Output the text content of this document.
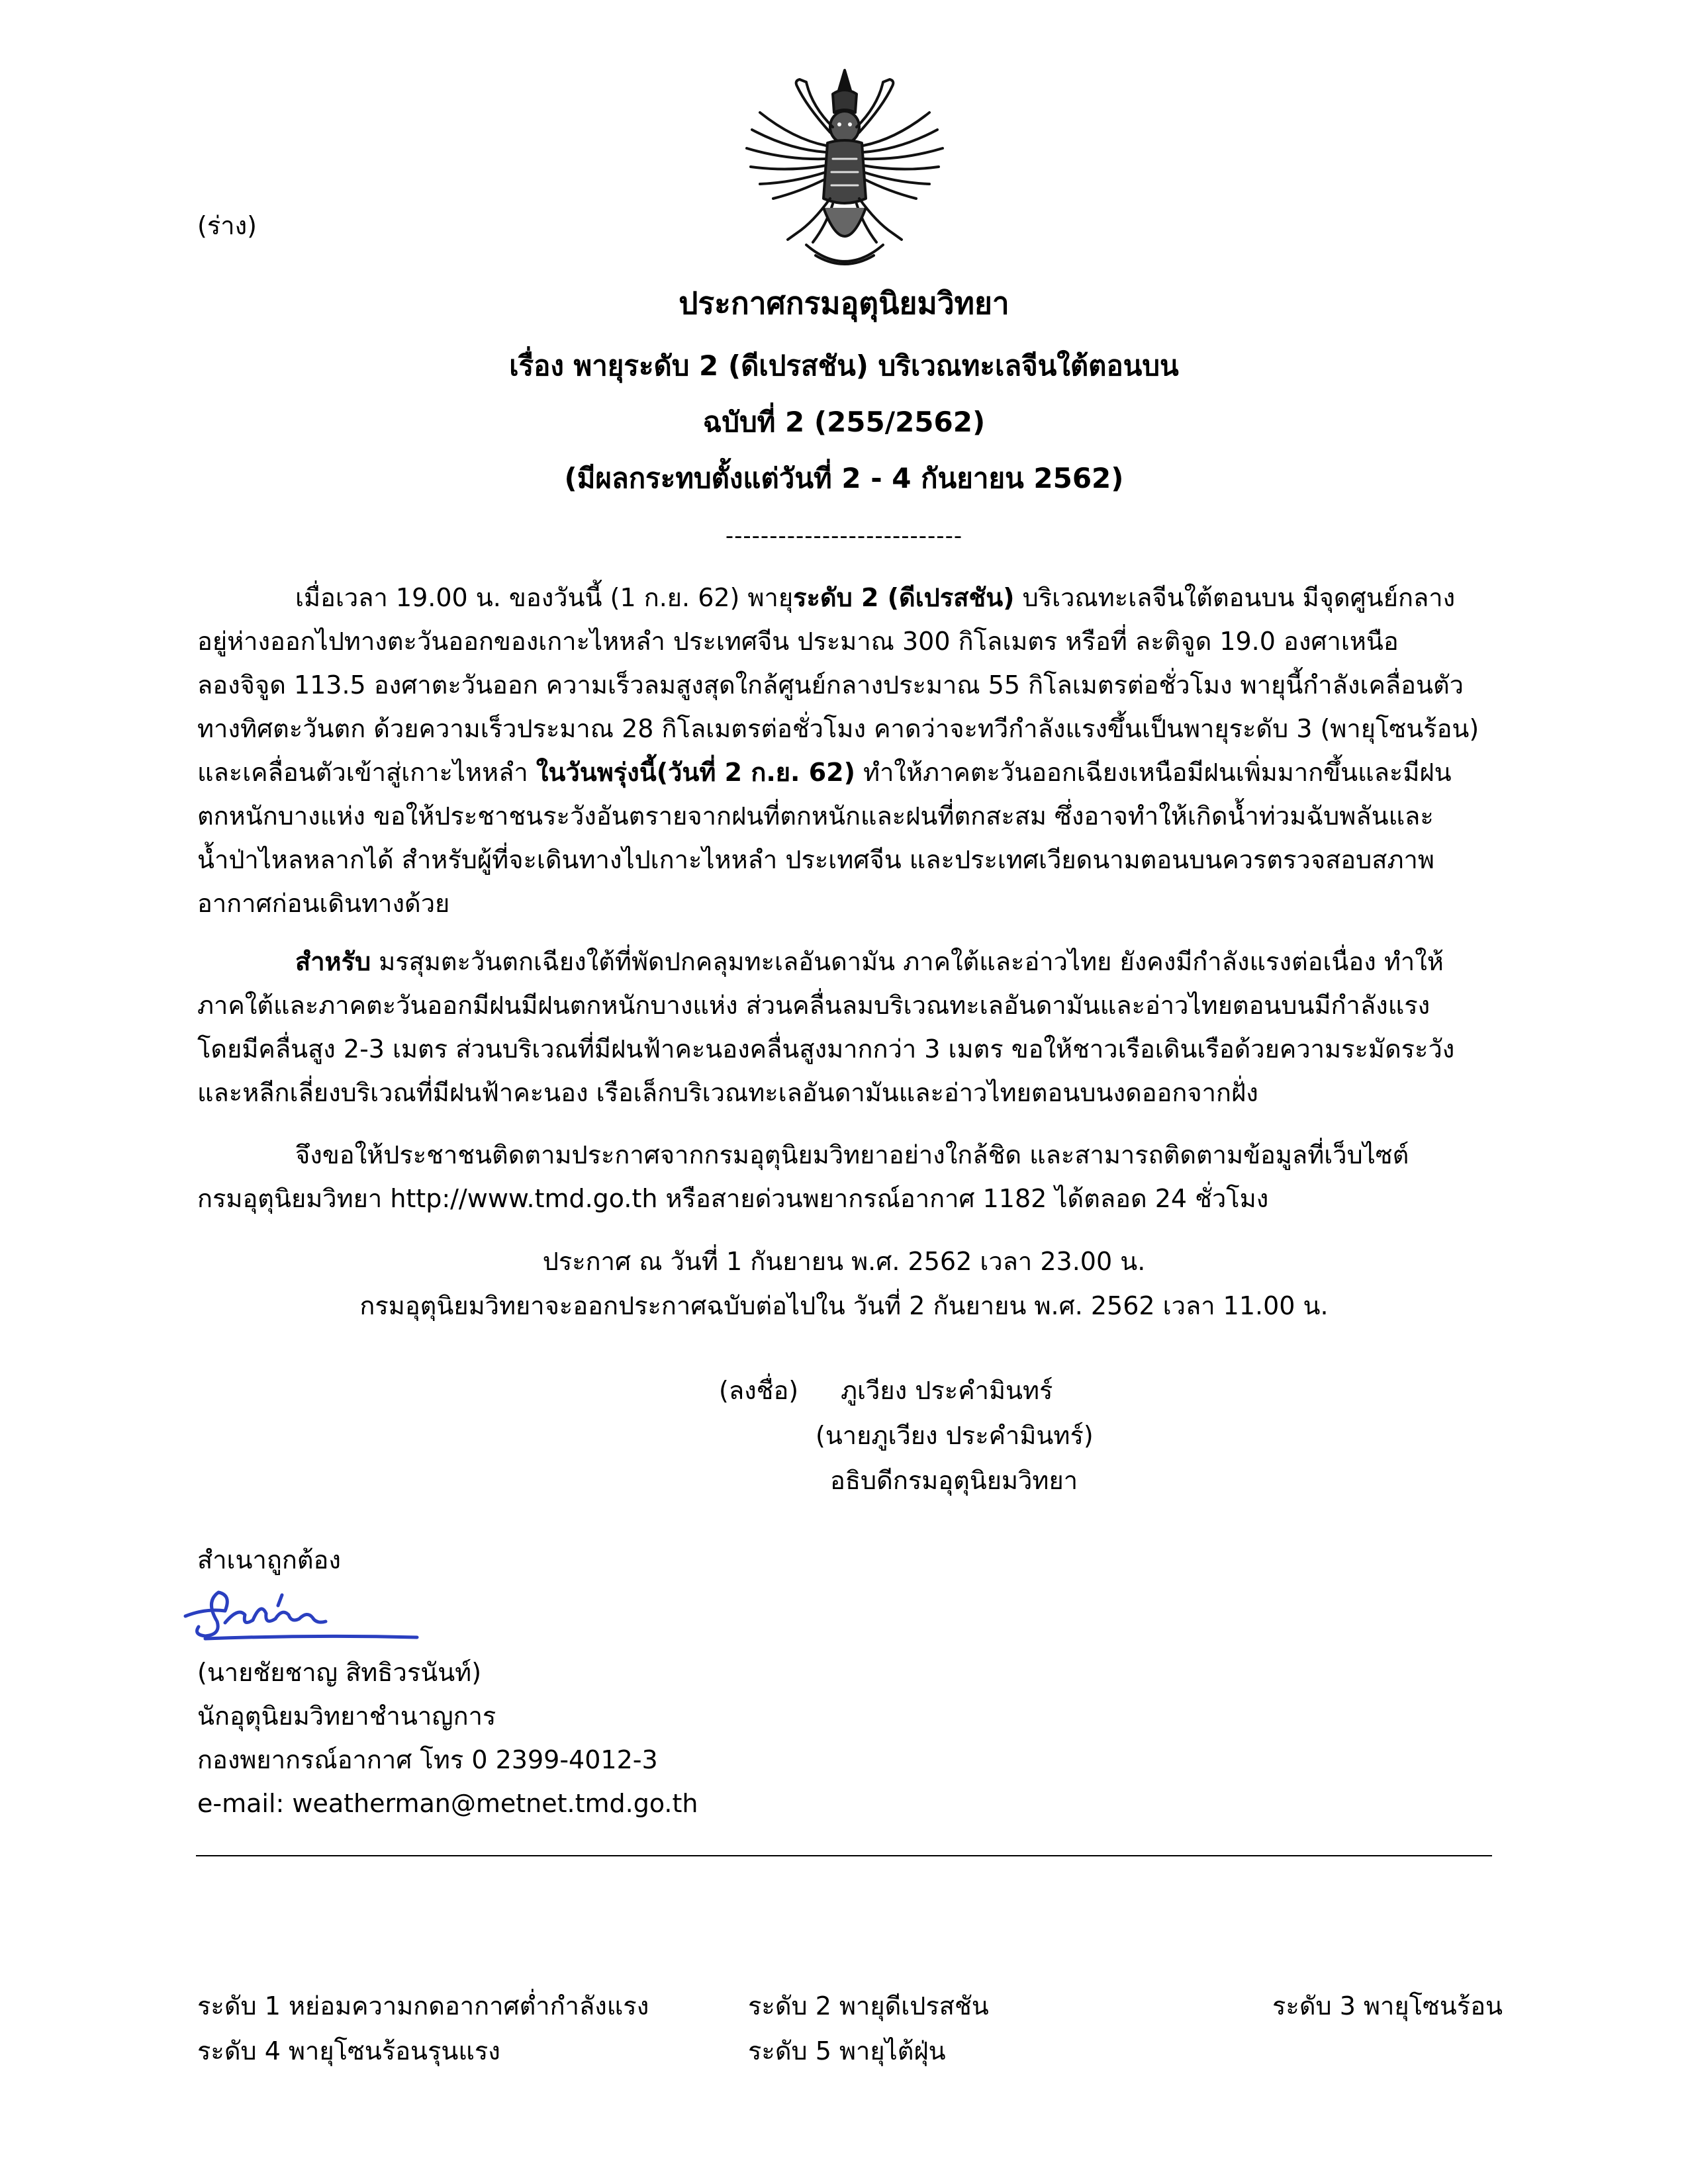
(ร่าง)
ประกาศกรมอุตุนิยมวิทยา
เรื่อง พายุระดับ 2 (ดีเปรสชัน) บริเวณทะเลจีนใต้ตอนบน
ฉบับที่ 2 (255/2562)
(มีผลกระทบตั้งแต่วันที่ 2 - 4 กันยายน 2562)
---------------------------

เมื่อเวลา 19.00 น. ของวันนี้ (1 ก.ย. 62) พายุระดับ 2 (ดีเปรสชัน) บริเวณทะเลจีนใต้ตอนบน มีจุดศูนย์กลาง

อยู่ห่างออกไปทางตะวันออกของเกาะไหหลำ ประเทศจีน ประมาณ 300 กิโลเมตร หรือที่ ละติจูด 19.0 องศาเหนือ

ลองจิจูด 113.5 องศาตะวันออก ความเร็วลมสูงสุดใกล้ศูนย์กลางประมาณ 55 กิโลเมตรต่อชั่วโมง พายุนี้กำลังเคลื่อนตัว

ทางทิศตะวันตก ด้วยความเร็วประมาณ 28 กิโลเมตรต่อชั่วโมง คาดว่าจะทวีกำลังแรงขึ้นเป็นพายุระดับ 3 (พายุโซนร้อน)

และเคลื่อนตัวเข้าสู่เกาะไหหลำ ในวันพรุ่งนี้(วันที่ 2 ก.ย. 62) ทำให้ภาคตะวันออกเฉียงเหนือมีฝนเพิ่มมากขึ้นและมีฝน

ตกหนักบางแห่ง ขอให้ประชาชนระวังอันตรายจากฝนที่ตกหนักและฝนที่ตกสะสม ซึ่งอาจทำให้เกิดน้ำท่วมฉับพลันและ

น้ำป่าไหลหลากได้ สำหรับผู้ที่จะเดินทางไปเกาะไหหลำ ประเทศจีน และประเทศเวียดนามตอนบนควรตรวจสอบสภาพ

อากาศก่อนเดินทางด้วย

สำหรับ มรสุมตะวันตกเฉียงใต้ที่พัดปกคลุมทะเลอันดามัน ภาคใต้และอ่าวไทย ยังคงมีกำลังแรงต่อเนื่อง ทำให้

ภาคใต้และภาคตะวันออกมีฝนมีฝนตกหนักบางแห่ง ส่วนคลื่นลมบริเวณทะเลอันดามันและอ่าวไทยตอนบนมีกำลังแรง

โดยมีคลื่นสูง 2-3 เมตร ส่วนบริเวณที่มีฝนฟ้าคะนองคลื่นสูงมากกว่า 3 เมตร ขอให้ชาวเรือเดินเรือด้วยความระมัดระวัง

และหลีกเลี่ยงบริเวณที่มีฝนฟ้าคะนอง เรือเล็กบริเวณทะเลอันดามันและอ่าวไทยตอนบนงดออกจากฝั่ง

จึงขอให้ประชาชนติดตามประกาศจากกรมอุตุนิยมวิทยาอย่างใกล้ชิด และสามารถติดตามข้อมูลที่เว็บไซต์

กรมอุตุนิยมวิทยา http://www.tmd.go.th หรือสายด่วนพยากรณ์อากาศ 1182 ได้ตลอด 24 ชั่วโมง

ประกาศ ณ วันที่ 1 กันยายน พ.ศ. 2562 เวลา 23.00 น.
กรมอุตุนิยมวิทยาจะออกประกาศฉบับต่อไปใน วันที่ 2 กันยายน พ.ศ. 2562 เวลา 11.00 น.
(ลงชื่อ) ภูเวียง ประคำมินทร์
(นายภูเวียง ประคำมินทร์)
อธิบดีกรมอุตุนิยมวิทยา
สำเนาถูกต้อง
(นายชัยชาญ สิทธิวรนันท์)
นักอุตุนิยมวิทยาชำนาญการ
กองพยากรณ์อากาศ โทร 0 2399-4012-3
e-mail: weatherman@metnet.tmd.go.th
ระดับ 1 หย่อมความกดอากาศต่ำกำลังแรง	ระดับ 2 พายุดีเปรสชัน	ระดับ 3 พายุโซนร้อน
ระดับ 4 พายุโซนร้อนรุนแรง	ระดับ 5 พายุไต้ฝุ่น
